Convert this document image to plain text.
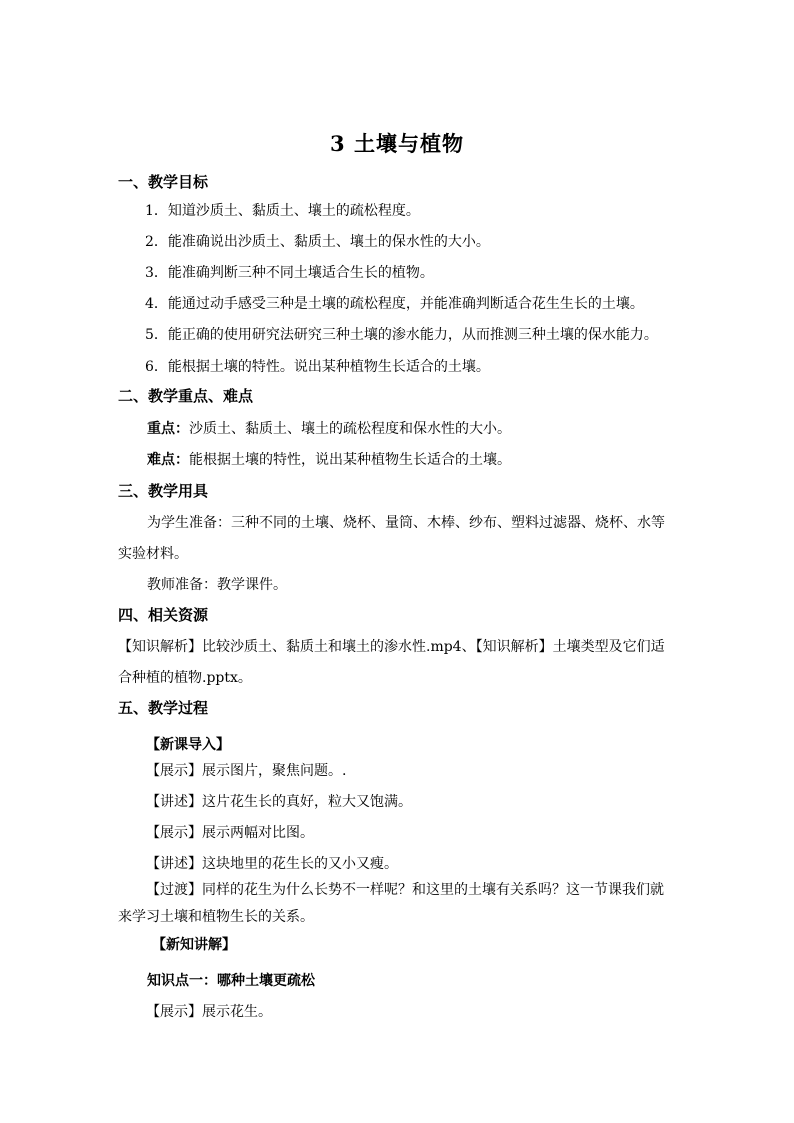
3 土壤与植物
一、教学目标
1．知道沙质土、黏质土、壤土的疏松程度。
2．能准确说出沙质土、黏质土、壤土的保水性的大小。
3．能准确判断三种不同土壤适合生长的植物。
4．能通过动手感受三种是土壤的疏松程度，并能准确判断适合花生生长的土壤。
5．能正确的使用研究法研究三种土壤的渗水能力，从而推测三种土壤的保水能力。
6．能根据土壤的特性。说出某种植物生长适合的土壤。
二、教学重点、难点
重点：沙质土、黏质土、壤土的疏松程度和保水性的大小。
难点：能根据土壤的特性，说出某种植物生长适合的土壤。
三、教学用具
为学生准备：三种不同的土壤、烧杯、量筒、木棒、纱布、塑料过滤器、烧杯、水等
实验材料。
教师准备：教学课件。
四、相关资源
【知识解析】比较沙质土、黏质土和壤土的渗水性.mp4、【知识解析】土壤类型及它们适
合种植的植物.pptx。
五、教学过程
【新课导入】
【展示】展示图片，聚焦问题。.
【讲述】这片花生长的真好，粒大又饱满。
【展示】展示两幅对比图。
【讲述】这块地里的花生长的又小又瘦。
【过渡】同样的花生为什么长势不一样呢？和这里的土壤有关系吗？这一节课我们就
来学习土壤和植物生长的关系。
【新知讲解】
知识点一：哪种土壤更疏松
【展示】展示花生。
